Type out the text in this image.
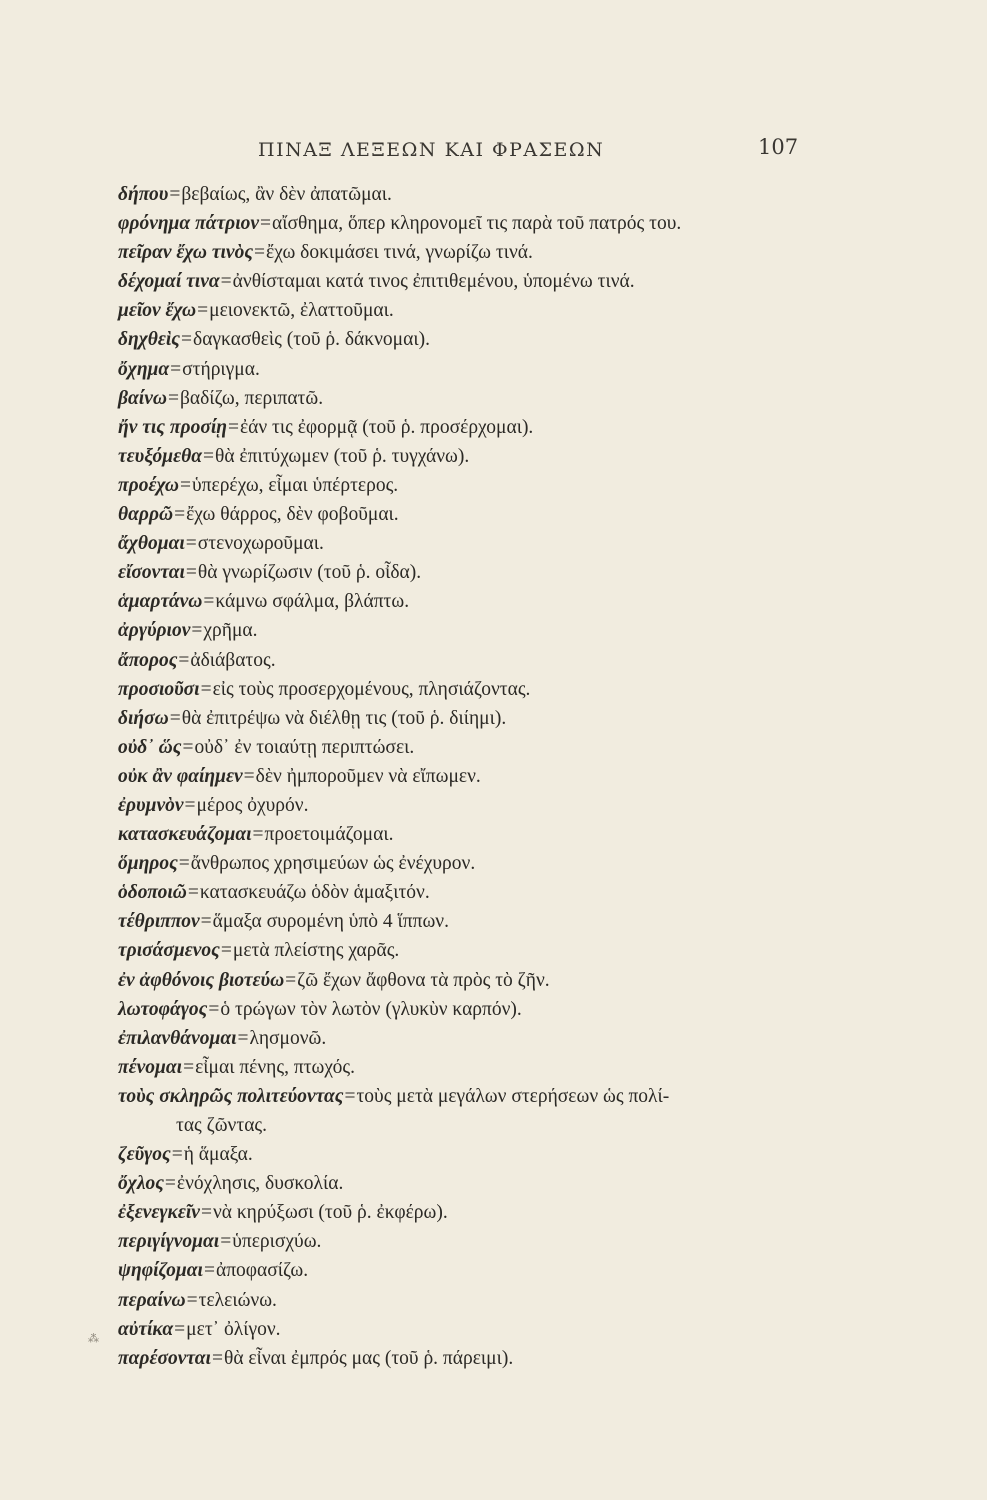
ΠΙΝΑΞ ΛΕΞΕΩΝ ΚΑΙ ΦΡΑΣΕΩΝ	107
δήπου=βεβαίως, ἂν δὲν ἀπατῶμαι.
φρόνημα πάτριον=αἴσθημα, ὅπερ κληρονομεῖ τις παρὰ τοῦ πατρός του.
πεῖραν ἔχω τινὸς=ἔχω δοκιμάσει τινά, γνωρίζω τινά.
δέχομαί τινα=ἀνθίσταμαι κατά τινος ἐπιτιθεμένου, ὑπομένω τινά.
μεῖον ἔχω=μειονεκτῶ, ἐλαττοῦμαι.
δηχθεὶς=δαγκασθεὶς (τοῦ ῥ. δάκνομαι).
ὄχημα=στήριγμα.
βαίνω=βαδίζω, περιπατῶ.
ἤν τις προσίῃ=ἐάν τις ἐφορμᾷ (τοῦ ῥ. προσέρχομαι).
τευξόμεθα=θὰ ἐπιτύχωμεν (τοῦ ῥ. τυγχάνω).
προέχω=ὑπερέχω, εἶμαι ὑπέρτερος.
θαρρῶ=ἔχω θάρρος, δὲν φοβοῦμαι.
ἄχθομαι=στενοχωροῦμαι.
εἴσονται=θὰ γνωρίζωσιν (τοῦ ῥ. οἶδα).
ἁμαρτάνω=κάμνω σφάλμα, βλάπτω.
ἀργύριον=χρῆμα.
ἄπορος=ἀδιάβατος.
προσιοῦσι=εἰς τοὺς προσερχομένους, πλησιάζοντας.
διήσω=θὰ ἐπιτρέψω νὰ διέλθῃ τις (τοῦ ῥ. διίημι).
οὐδ᾽ ὥς=οὐδ᾽ ἐν τοιαύτῃ περιπτώσει.
οὐκ ἂν φαίημεν=δὲν ἠμποροῦμεν νὰ εἴπωμεν.
ἐρυμνὸν=μέρος ὀχυρόν.
κατασκευάζομαι=προετοιμάζομαι.
ὅμηρος=ἄνθρωπος χρησιμεύων ὡς ἐνέχυρον.
ὁδοποιῶ=κατασκευάζω ὁδὸν ἁμαξιτόν.
τέθριππον=ἅμαξα συρομένη ὑπὸ 4 ἵππων.
τρισάσμενος=μετὰ πλείστης χαρᾶς.
ἐν ἀφθόνοις βιοτεύω=ζῶ ἔχων ἄφθονα τὰ πρὸς τὸ ζῆν.
λωτοφάγος=ὁ τρώγων τὸν λωτὸν (γλυκὺν καρπόν).
ἐπιλανθάνομαι=λησμονῶ.
πένομαι=εἶμαι πένης, πτωχός.
τοὺς σκληρῶς πολιτεύοντας=τοὺς μετὰ μεγάλων στερήσεων ὡς πολί-
τας ζῶντας.
ζεῦγος=ἡ ἅμαξα.
ὄχλος=ἐνόχλησις, δυσκολία.
ἐξενεγκεῖν=νὰ κηρύξωσι (τοῦ ῥ. ἐκφέρω).
περιγίγνομαι=ὑπερισχύω.
ψηφίζομαι=ἀποφασίζω.
περαίνω=τελειώνω.
αὐτίκα=μετ᾽ ὀλίγον.
παρέσονται=θὰ εἶναι ἐμπρός μας (τοῦ ῥ. πάρειμι).
⁂
